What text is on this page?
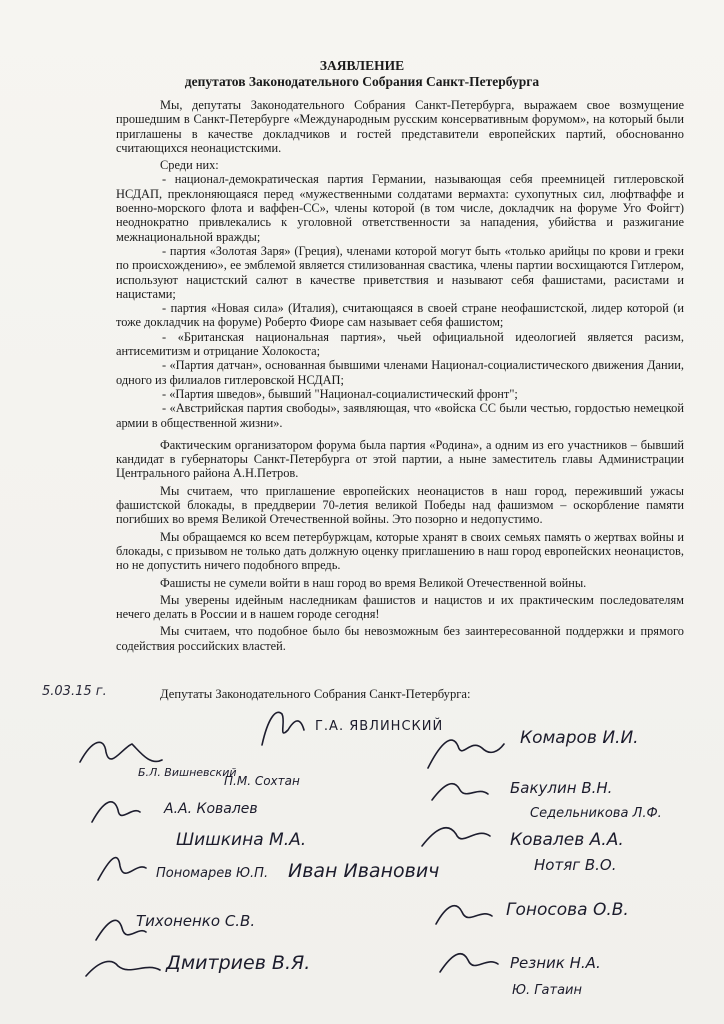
ЗАЯВЛЕНИЕ
депутатов Законодательного Собрания Санкт-Петербурга

Мы, депутаты Законодательного Собрания Санкт-Петербурга, выражаем свое возмущение прошедшим в Санкт-Петербурге «Международным русским консервативным форумом», на который были приглашены в качестве докладчиков и гостей представители европейских партий, обоснованно считающихся неонацистскими.

Среди них:

- национал-демократическая партия Германии, называющая себя преемницей гитлеровской НСДАП, преклоняющаяся перед «мужественными солдатами вермахта: сухопутных сил, люфтваффе и военно-морского флота и ваффен-СС», члены которой (в том числе, докладчик на форуме Уго Фойгт) неоднократно привлекались к уголовной ответственности за нападения, убийства и разжигание межнациональной вражды;

- партия «Золотая Заря» (Греция), членами которой могут быть «только арийцы по крови и греки по происхождению», ее эмблемой является стилизованная свастика, члены партии восхищаются Гитлером, используют нацистский салют в качестве приветствия и называют себя фашистами, расистами и нацистами;

- партия «Новая сила» (Италия), считающаяся в своей стране неофашистской, лидер которой (и тоже докладчик на форуме) Роберто Фиоре сам называет себя фашистом;

- «Британская национальная партия», чьей официальной идеологией является расизм, антисемитизм и отрицание Холокоста;

- «Партия датчан», основанная бывшими членами Национал-социалистического движения Дании, одного из филиалов гитлеровской НСДАП;

- «Партия шведов», бывший "Национал-социалистический фронт";

- «Австрийская партия свободы», заявляющая, что «войска СС были честью, гордостью немецкой армии в общественной жизни».

Фактическим организатором форума была партия «Родина», а одним из его участников – бывший кандидат в губернаторы Санкт-Петербурга от этой партии, а ныне заместитель главы Администрации Центрального района А.Н.Петров.

Мы считаем, что приглашение европейских неонацистов в наш город, переживший ужасы фашистской блокады, в преддверии 70-летия великой Победы над фашизмом – оскорбление памяти погибших во время Великой Отечественной войны. Это позорно и недопустимо.

Мы обращаемся ко всем петербуржцам, которые хранят в своих семьях память о жертвах войны и блокады, с призывом не только дать должную оценку приглашению в наш город европейских неонацистов, но не допустить ничего подобного впредь.

Фашисты не сумели войти в наш город во время Великой Отечественной войны.

Мы уверены идейным наследникам фашистов и нацистов и их практическим последователям нечего делать в России и в нашем городе сегодня!

Мы считаем, что подобное было бы невозможным без заинтересованной поддержки и прямого содействия российских властей.

5.03.15 г.	Депутаты Законодательного Собрания Санкт-Петербурга:
Г.А. ЯВЛИНСКИЙ
Б.Л. Вишневский
П.М. Сохтан
А.А. Ковалев
Шишкина М.А.
Пономарев Ю.П. Иван Иванович
Тихоненко С.В.
Дмитриев В.Я.
Комаров И.И.
Бакулин В.Н.
Седельникова Л.Ф.
Ковалев А.А.
Нотяг В.О.
Гоносова О.В.
Резник Н.А.
Ю. Гатаин
